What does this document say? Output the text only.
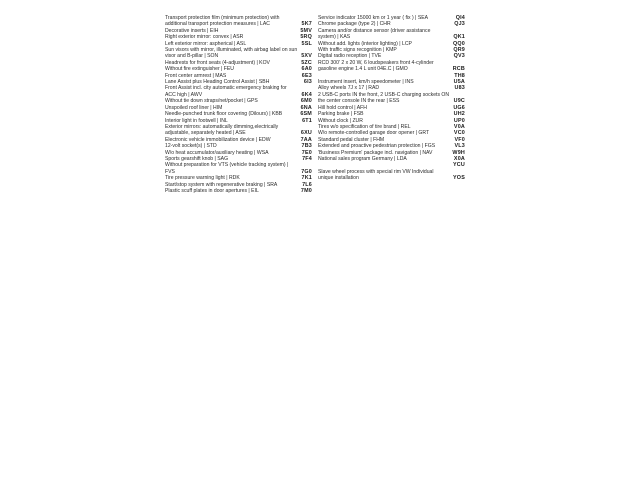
Transport protection film (minimum protection) with additional transport protection measures | LAC	5K7
Decorative inserts | EIH	5MV
Right exterior mirror: convex | ASR	5RQ
Left exterior mirror: aspherical | ASL	5SL
Sun visors with mirror, illuminated, with airbag label on sun visor and B-pillar | SON	5XV
Headrests for front seats (4-adjustment) | KOV	5ZC
Without fire extinguisher | FEU	6A0
Front center armrest | MAS	6E3
Lane Assist plus Heading Control Assist | SBH	6I3
Front Assist incl. city automatic emergency braking for ACC high | AWV	6K4
Without tie down straps/net/pocket | GPS	6M0
Unspoiled roof liner | HIM	6NA
Needle-punched trunk floor covering (Dilours) | KBB	6SM
Interior light in footwell | INL	6T1
Exterior mirrors: automatically dimming,electrically adjustable, separately heated | ASE	6XU
Electronic vehicle immobilization device | EDW	7AA
12-volt socket(s) | STD	7B3
W/o heat accumulator/auxiliary heating | WSA	7E0
Sports gearshift knob | SAG	7F4
Without preparation for VTS (vehicle tracking system) | FVS	7G0
Tire pressure warning light | RDK	7K1
Start/stop system with regenerative braking | SRA	7L6
Plastic scuff plates in door apertures | EIL	7M0
Service indicator 15000 km or 1 year ( fix ) | SEA	QI4
Chrome package (type 2) | CHR	QJ3
Camera and/or distance sensor (driver assistance system) | KAS	QK1
Without add. lights (interior lighting) | LCP	QQ0
With traffic signs recognition | KMP	QR9
Digital radio reception | TVE	QV3
RCD 300' 2 x 20 W, 6 loudspeakers front 4-cylinder gasoline engine 1.4 L unit 04E.C | GMO	RCB
TH8
Instrument insert, km/h speedometer | INS	U5A
Alloy wheels 7J x 17 | RAD	U83
2 USB-C ports IN the front, 2 USB-C charging sockets ON the center console IN the rear | ESS	U9C
Hill hold control | AFH	UG6
Parking brake | FSB	UH2
Without clock | ZUR	UP0
Tires w/o specification of tire brand | REL	V0A
W/o remote-controlled garage door opener | GRT	VC0
Standard pedal cluster | FHM	VF0
Extended and proactive pedestrian protection | FGS	VL3
'Business Premium' package incl. navigation | NAV	W9H
National sales program Germany | LDA	X0A
YCU
Slave wheel process with special rim VW Individual unique installation	YOS
